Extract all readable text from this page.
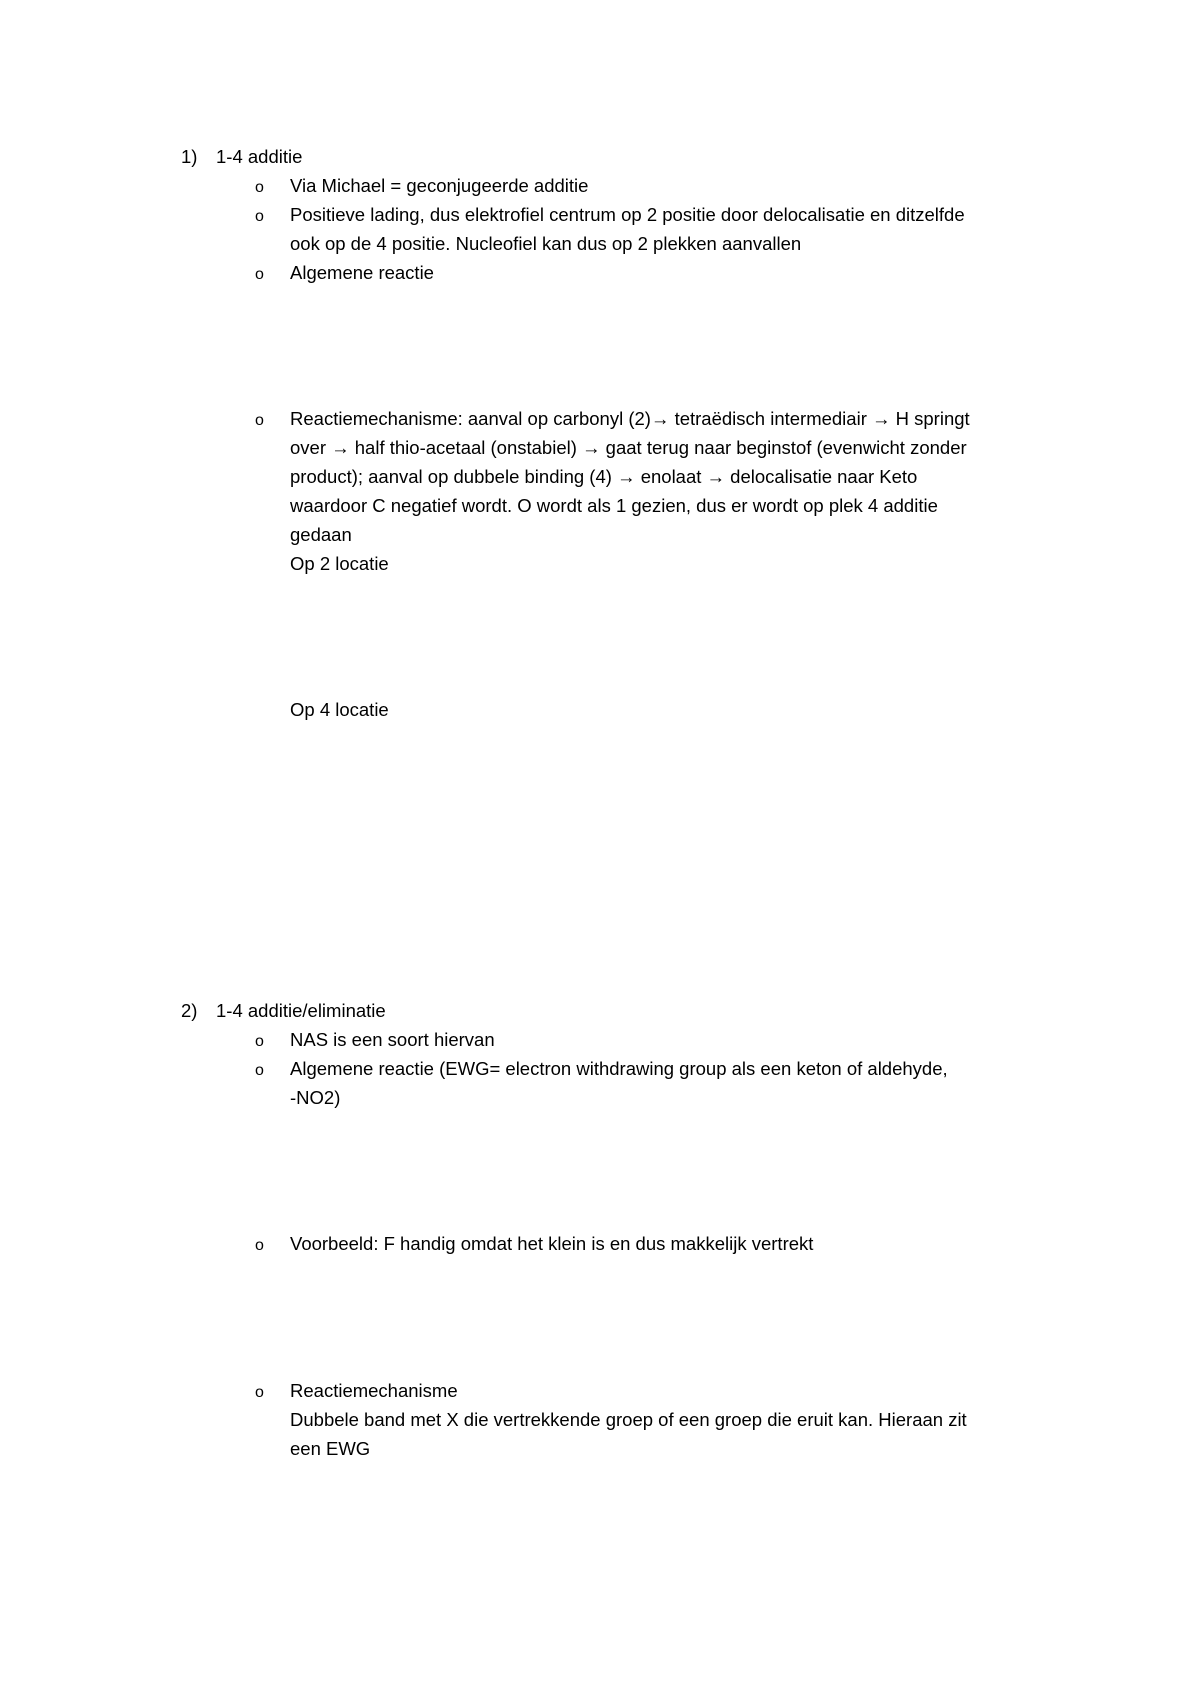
1) 1-4 additie
o Via Michael = geconjugeerde additie
o Positieve lading, dus elektrofiel centrum op 2 positie door delocalisatie en ditzelfde
ook op de 4 positie. Nucleofiel kan dus op 2 plekken aanvallen
o Algemene reactie
o Reactiemechanisme: aanval op carbonyl (2)→ tetraëdisch intermediair → H springt
over → half thio-acetaal (onstabiel) → gaat terug naar beginstof (evenwicht zonder
product); aanval op dubbele binding (4) → enolaat → delocalisatie naar Keto
waardoor C negatief wordt. O wordt als 1 gezien, dus er wordt op plek 4 additie
gedaan
Op 2 locatie
Op 4 locatie
2) 1-4 additie/eliminatie
o NAS is een soort hiervan
o Algemene reactie (EWG= electron withdrawing group als een keton of aldehyde,
-NO2)
o Voorbeeld: F handig omdat het klein is en dus makkelijk vertrekt
o Reactiemechanisme
Dubbele band met X die vertrekkende groep of een groep die eruit kan. Hieraan zit
een EWG
